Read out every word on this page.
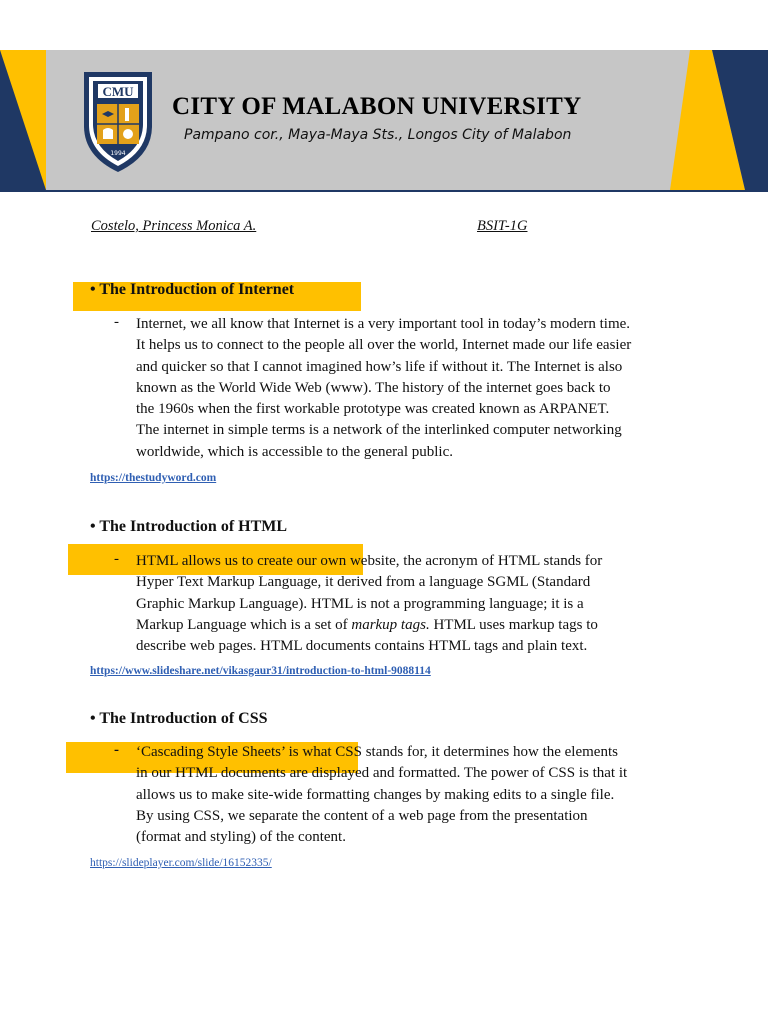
CMU
1994
CITY OF MALABON UNIVERSITY
Pampano cor., Maya-Maya Sts., Longos City of Malabon
Costelo, Princess Monica A.	BSIT-1G
• The Introduction of Internet
- Internet, we all know that Internet is a very important tool in today’s modern time.

It helps us to connect to the people all over the world, Internet made our life easier

and quicker so that I cannot imagined how’s life if without it. The Internet is also

known as the World Wide Web (www). The history of the internet goes back to

the 1960s when the first workable prototype was created known as ARPANET.

The internet in simple terms is a network of the interlinked computer networking

worldwide, which is accessible to the general public.

https://thestudyword.com
• The Introduction of HTML
- HTML allows us to create our own website, the acronym of HTML stands for

Hyper Text Markup Language, it derived from a language SGML (Standard

Graphic Markup Language). HTML is not a programming language; it is a

Markup Language which is a set of markup tags. HTML uses markup tags to

describe web pages. HTML documents contains HTML tags and plain text.

https://www.slideshare.net/vikasgaur31/introduction-to-html-9088114
• The Introduction of CSS
- ‘Cascading Style Sheets’ is what CSS stands for, it determines how the elements

in our HTML documents are displayed and formatted. The power of CSS is that it

allows us to make site-wide formatting changes by making edits to a single file.

By using CSS, we separate the content of a web page from the presentation

(format and styling) of the content.

https://slideplayer.com/slide/16152335/
